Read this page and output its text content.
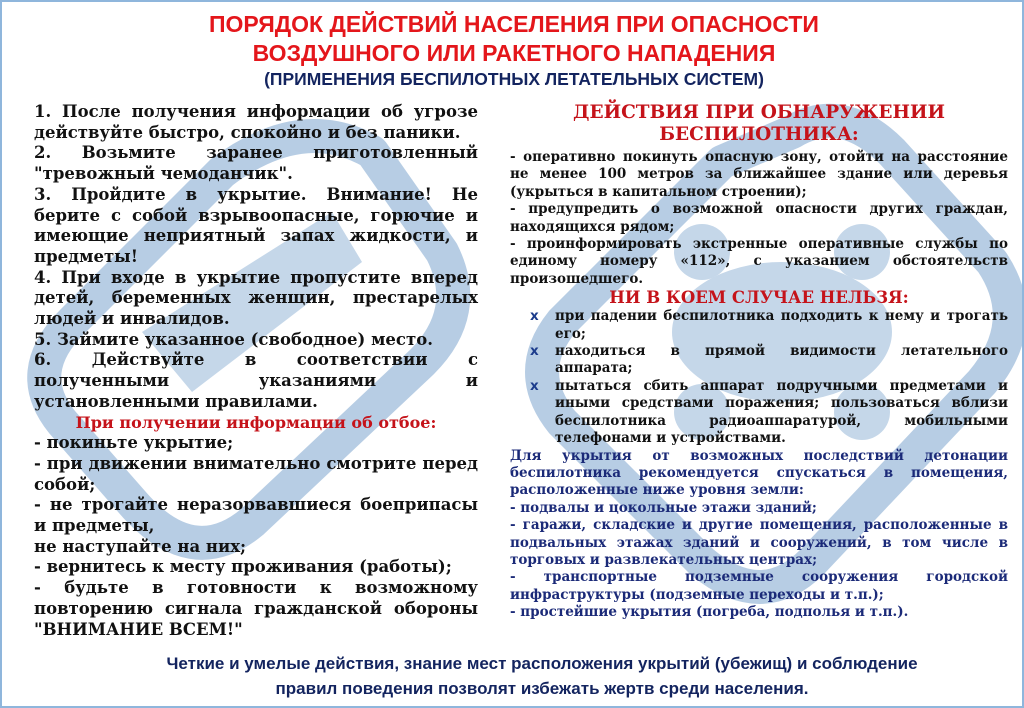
ПОРЯДОК ДЕЙСТВИЙ НАСЕЛЕНИЯ ПРИ ОПАСНОСТИ
ВОЗДУШНОГО ИЛИ РАКЕТНОГО НАПАДЕНИЯ
(ПРИМЕНЕНИЯ БЕСПИЛОТНЫХ ЛЕТАТЕЛЬНЫХ СИСТЕМ)
1. После получения информации об угрозе действуйте быстро, спокойно и без паники.
2. Возьмите заранее приготовленный "тревожный чемоданчик".
3. Пройдите в укрытие. Внимание! Не берите с собой взрывоопасные, горючие и имеющие неприятный запах жидкости, и предметы!
4. При входе в укрытие пропустите вперед детей, беременных женщин, престарелых людей и инвалидов.
5. Займите указанное (свободное) место.
6. Действуйте в соответствии с полученными указаниями и установленными правилами.
При получении информации об отбое:
- покиньте укрытие;
- при движении внимательно смотрите перед собой;
- не трогайте неразорвавшиеся боеприпасы и предметы,
не наступайте на них;
- вернитесь к месту проживания (работы);
- будьте в готовности к возможному повторению сигнала гражданской обороны "ВНИМАНИЕ ВСЕМ!"
ДЕЙСТВИЯ ПРИ ОБНАРУЖЕНИИ
БЕСПИЛОТНИКА:
- оперативно покинуть опасную зону, отойти на расстояние не менее 100 метров за ближайшее здание или деревья (укрыться в капитальном строении);
- предупредить о возможной опасности других граждан, находящихся рядом;
- проинформировать экстренные оперативные службы по единому номеру «112», с указанием обстоятельств произошедшего.
НИ В КОЕМ СЛУЧАЕ НЕЛЬЗЯ:
x при падении беспилотника подходить к нему и трогать его;
x находиться в прямой видимости летательного аппарата;
x пытаться сбить аппарат подручными предметами и иными средствами поражения; пользоваться вблизи беспилотника радиоаппаратурой, мобильными телефонами и устройствами.
Для укрытия от возможных последствий детонации беспилотника рекомендуется спускаться в помещения, расположенные ниже уровня земли:
- подвалы и цокольные этажи зданий;
- гаражи, складские и другие помещения, расположенные в подвальных этажах зданий и сооружений, в том числе в торговых и развлекательных центрах;
- транспортные подземные сооружения городской инфраструктуры (подземные переходы и т.п.);
- простейшие укрытия (погреба, подполья и т.п.).
Четкие и умелые действия, знание мест расположения укрытий (убежищ) и соблюдение
правил поведения позволят избежать жертв среди населения.
